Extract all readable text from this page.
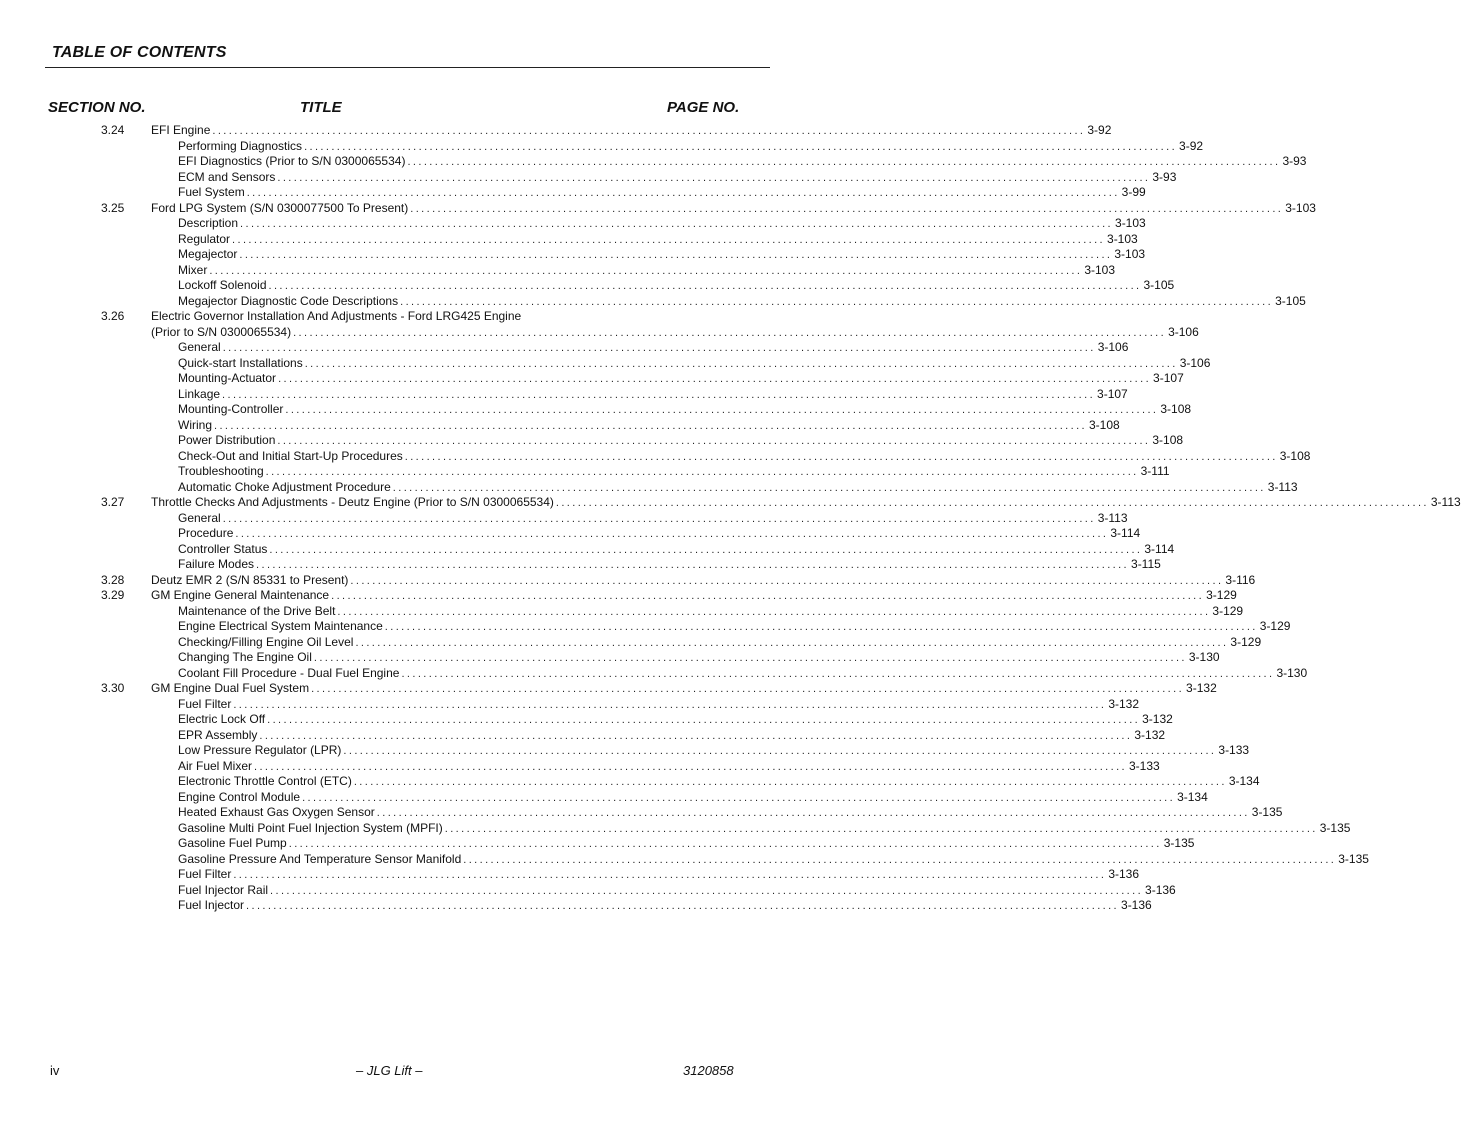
TABLE OF CONTENTS
SECTION NO.	TITLE	PAGE NO.
3.24 EFI Engine ................................................................................................................................................................ 3-92
Performing Diagnostics ................................................................................................................................................................ 3-92
EFI Diagnostics (Prior to S/N 0300065534) ................................................................................................................................................................ 3-93
ECM and Sensors ................................................................................................................................................................ 3-93
Fuel System ................................................................................................................................................................ 3-99
3.25 Ford LPG System (S/N 0300077500 To Present) ................................................................................................................................................................ 3-103
Description ................................................................................................................................................................ 3-103
Regulator ................................................................................................................................................................ 3-103
Megajector ................................................................................................................................................................ 3-103
Mixer ................................................................................................................................................................ 3-103
Lockoff Solenoid ................................................................................................................................................................ 3-105
Megajector Diagnostic Code Descriptions ................................................................................................................................................................ 3-105
3.26 Electric Governor Installation And Adjustments - Ford LRG425 Engine
(Prior to S/N 0300065534) ................................................................................................................................................................ 3-106
General ................................................................................................................................................................ 3-106
Quick-start Installations ................................................................................................................................................................ 3-106
Mounting-Actuator ................................................................................................................................................................ 3-107
Linkage ................................................................................................................................................................ 3-107
Mounting-Controller ................................................................................................................................................................ 3-108
Wiring ................................................................................................................................................................ 3-108
Power Distribution ................................................................................................................................................................ 3-108
Check-Out and Initial Start-Up Procedures ................................................................................................................................................................ 3-108
Troubleshooting ................................................................................................................................................................ 3-111
Automatic Choke Adjustment Procedure ................................................................................................................................................................ 3-113
3.27 Throttle Checks And Adjustments - Deutz Engine (Prior to S/N 0300065534) ................................................................................................................................................................ 3-113
General ................................................................................................................................................................ 3-113
Procedure ................................................................................................................................................................ 3-114
Controller Status ................................................................................................................................................................ 3-114
Failure Modes ................................................................................................................................................................ 3-115
3.28 Deutz EMR 2 (S/N 85331 to Present) ................................................................................................................................................................ 3-116
3.29 GM Engine General Maintenance ................................................................................................................................................................ 3-129
Maintenance of the Drive Belt ................................................................................................................................................................ 3-129
Engine Electrical System Maintenance ................................................................................................................................................................ 3-129
Checking/Filling Engine Oil Level ................................................................................................................................................................ 3-129
Changing The Engine Oil ................................................................................................................................................................ 3-130
Coolant Fill Procedure - Dual Fuel Engine ................................................................................................................................................................ 3-130
3.30 GM Engine Dual Fuel System ................................................................................................................................................................ 3-132
Fuel Filter ................................................................................................................................................................ 3-132
Electric Lock Off ................................................................................................................................................................ 3-132
EPR Assembly ................................................................................................................................................................ 3-132
Low Pressure Regulator (LPR) ................................................................................................................................................................ 3-133
Air Fuel Mixer ................................................................................................................................................................ 3-133
Electronic Throttle Control (ETC) ................................................................................................................................................................ 3-134
Engine Control Module ................................................................................................................................................................ 3-134
Heated Exhaust Gas Oxygen Sensor ................................................................................................................................................................ 3-135
Gasoline Multi Point Fuel Injection System (MPFI) ................................................................................................................................................................ 3-135
Gasoline Fuel Pump ................................................................................................................................................................ 3-135
Gasoline Pressure And Temperature Sensor Manifold ................................................................................................................................................................ 3-135
Fuel Filter ................................................................................................................................................................ 3-136
Fuel Injector Rail ................................................................................................................................................................ 3-136
Fuel Injector ................................................................................................................................................................ 3-136
iv	– JLG Lift –	3120858
